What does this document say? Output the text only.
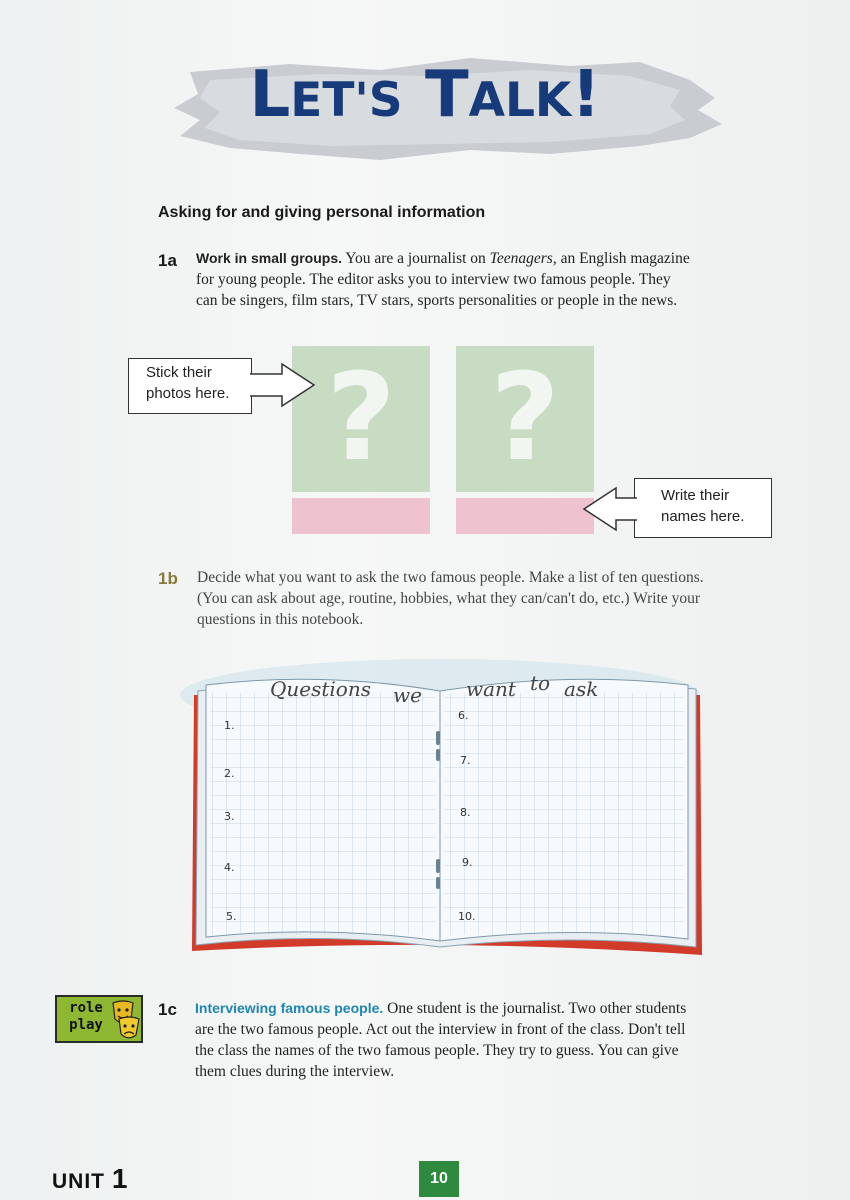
LET'S TALK!
Asking for and giving personal information
1a Work in small groups. You are a journalist on Teenagers, an English magazine for young people. The editor asks you to interview two famous people. They can be singers, film stars, TV stars, sports personalities or people in the news.
? ?
Stick their
photos here.
Write their
names here.
1b Decide what you want to ask the two famous people. Make a list of ten questions. (You can ask about age, routine, hobbies, what they can/can't do, etc.) Write your questions in this notebook.
Questions we want to ask
1.
2.
3.
4.
5.
6.
7.
8.
9.
10.
role
play
1c Interviewing famous people. One student is the journalist. Two other students are the two famous people. Act out the interview in front of the class. Don't tell the class the names of the two famous people. They try to guess. You can give them clues during the interview.
UNIT 1	10
